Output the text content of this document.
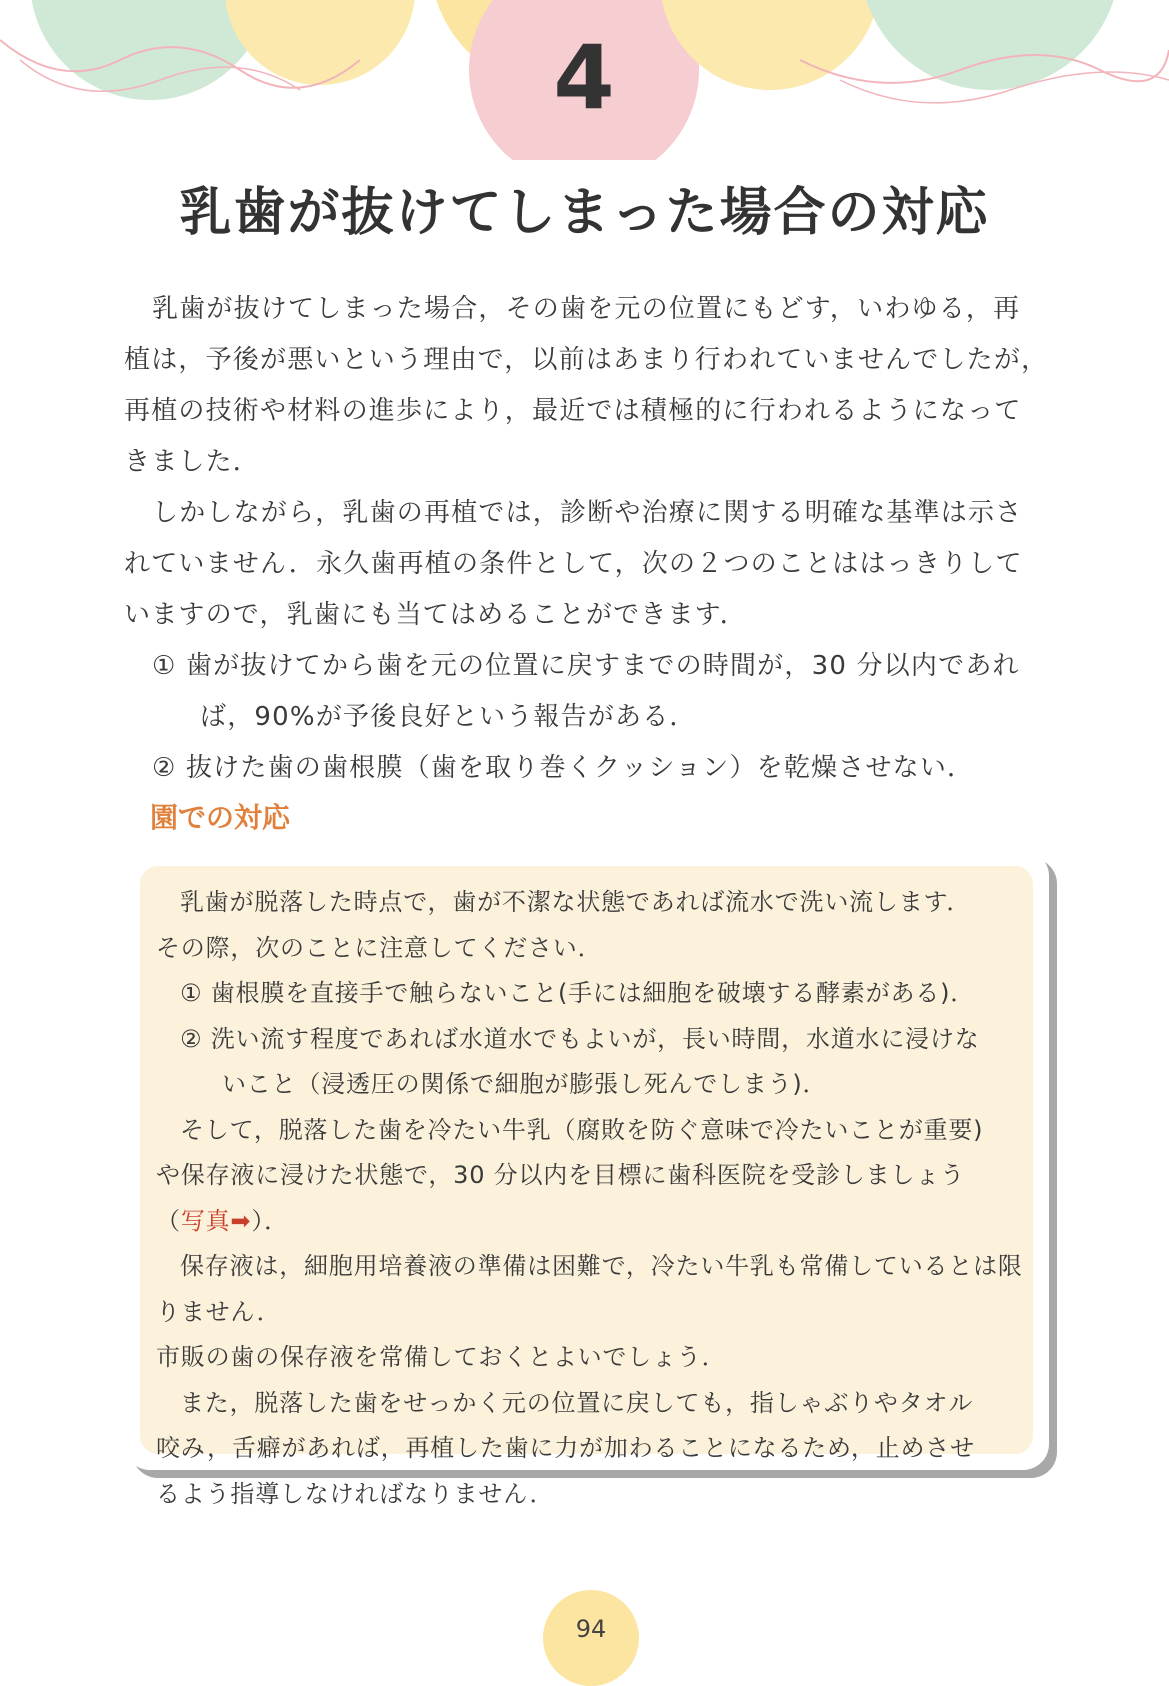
4
乳歯が抜けてしまった場合の対応

乳歯が抜けてしまった場合，その歯を元の位置にもどす，いわゆる，再

植は，予後が悪いという理由で，以前はあまり行われていませんでしたが，

再植の技術や材料の進歩により，最近では積極的に行われるようになって

きました．

しかしながら，乳歯の再植では，診断や治療に関する明確な基準は示さ

れていません．永久歯再植の条件として，次の２つのことははっきりして

いますので，乳歯にも当てはめることができます．

① 歯が抜けてから歯を元の位置に戻すまでの時間が，30 分以内であれ

ば，90%が予後良好という報告がある．

② 抜けた歯の歯根膜（歯を取り巻くクッション）を乾燥させない．

園での対応

乳歯が脱落した時点で，歯が不潔な状態であれば流水で洗い流します．

その際，次のことに注意してください．

① 歯根膜を直接手で触らないこと(手には細胞を破壊する酵素がある)．

② 洗い流す程度であれば水道水でもよいが，長い時間，水道水に浸けな

いこと（浸透圧の関係で細胞が膨張し死んでしまう)．

そして，脱落した歯を冷たい牛乳（腐敗を防ぐ意味で冷たいことが重要)

や保存液に浸けた状態で，30 分以内を目標に歯科医院を受診しましょう

（写真➡）．

保存液は，細胞用培養液の準備は困難で，冷たい牛乳も常備しているとは限りません．

市販の歯の保存液を常備しておくとよいでしょう．

また，脱落した歯をせっかく元の位置に戻しても，指しゃぶりやタオル

咬み，舌癖があれば，再植した歯に力が加わることになるため，止めさせ

るよう指導しなければなりません．

94
